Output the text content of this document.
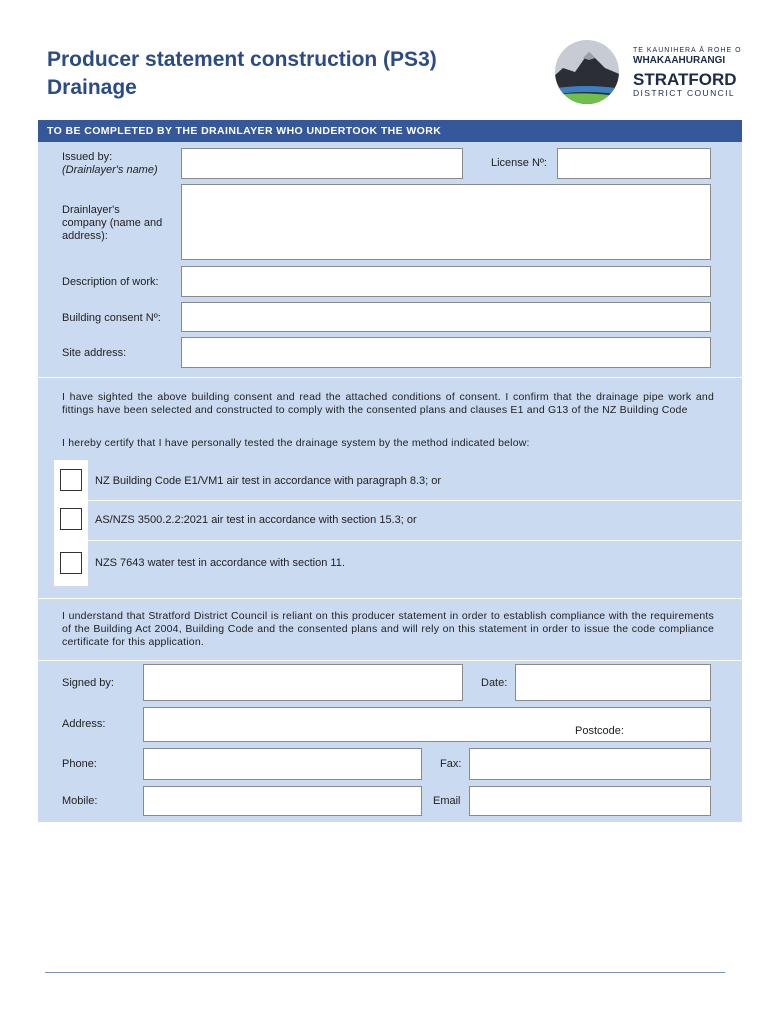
Producer statement construction (PS3)
Drainage
TE KAUNIHERA Ā ROHE O
WHAKAAHURANGI
STRATFORD
DISTRICT COUNCIL
TO BE COMPLETED BY THE DRAINLAYER WHO UNDERTOOK THE WORK
Issued by:
(Drainlayer's name)
License Nº:
Drainlayer's
company (name and
address):
Description of work:
Building consent Nº:
Site address:
I have sighted the above building consent and read the attached conditions of consent. I confirm that the drainage pipe work and fittings have been selected and constructed to comply with the consented plans and clauses E1 and G13 of the NZ Building Code
I hereby certify that I have personally tested the drainage system by the method indicated below:
NZ Building Code E1/VM1 air test in accordance with paragraph 8.3; or
AS/NZS 3500.2.2:2021 air test in accordance with section 15.3; or
NZS 7643 water test in accordance with section 11.
I understand that Stratford District Council is reliant on this producer statement in order to establish compliance with the requirements of the Building Act 2004, Building Code and the consented plans and will rely on this statement in order to issue the code compliance certificate for this application.
Signed by:	Date:
Address:
Postcode:
Phone:	Fax:
Mobile:	Email
